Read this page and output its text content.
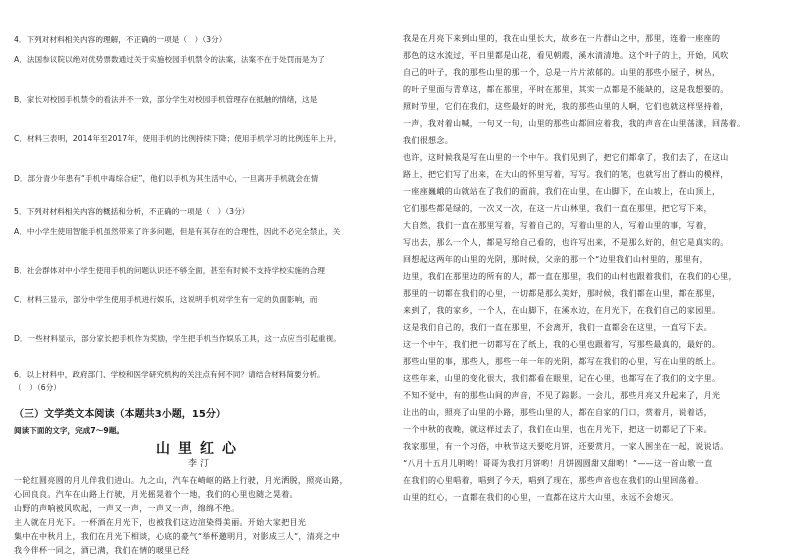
4．下列对材料相关内容的理解，不正确的一项是（　）（3分）
A．法国参议院以绝对优势票数通过关于实施校园手机禁令的法案，法案不在于处罚而是为了
B．家长对校园手机禁令的看法并不一致，部分学生对校园手机管理存在抵触的情绪，这是
C．材料三表明，2014年至2017年，使用手机的比例持续下降；使用手机学习的比例连年上升，
D．部分青少年患有“手机中毒综合症”，他们以手机为其生活中心，一旦离开手机就会在情
5．下列对材料相关内容的概括和分析，不正确的一项是（　）（3分）
A．中小学生使用智能手机虽然带来了许多问题，但是有其存在的合理性，因此不必完全禁止，关
B．社会群体对中小学生使用手机的问题认识还不够全面，甚至有时候不支持学校实施的合理
C．材料三显示，部分中学生使用手机进行娱乐，这说明手机对学生有一定的负面影响，而
D．一些材料显示，部分家长把手机作为奖励，学生把手机当作娱乐工具，这一点应当引起重视。
6．以上材料中，政府部门、学校和医学研究机构的关注点有何不同？请结合材料简要分析。
（　）（6分）
（三）文学类文本阅读（本题共3小题，15分）
阅读下面的文字，完成7～9题。
山里红心
李汀
一轮红圆亮圆的月儿伴我们进山。九之山，汽车在崎岖的路上行驶，月光洒脱，照亮山路，
心回良良。汽车在山路上行驶，月光摇晃着个一地，我们的心里也随之晃着。
山野的声响被风吹起，一声又一声，一声又一声，绵绵不绝。
主人就在月光下。一杯酒在月光下，也被我们这边渲染得美丽。开始大家把目光
集中在中秋月上，我们在月光下相谈，心底的豪气“举杯邀明月，对影成三人”，清亮之中
我今伴杯一同之，酒已满，我们在情的暖里已经
我是在月亮下来到山里的，我在山里长大，故乡在一片群山之中，那里，连着一座座的
那色的这水流过，平日里都是山花，看见朝霞，溪水清清地。这个叶子的上，开始，风吹
自己的叶子，我的那些山里的那一个，总是一片片浓郁的。山里的那些小屋子，树丛，
的叶子里面与青草这，都在那里，平时在那里，其实一点都是不能缺的，这是我想要的。
照时节里，它们在我们，这些最好的时光，我的那些山里的人啊，它们也就这样坚持着，
一声，我对着山喊，一句又一句，山里的那些山都回应着我，我的声音在山里荡漾，回荡着。
我们很想念。
也许，这时候我是写在山里的一个中午。我们见到了，把它们都拿了，我们去了，在这山
路上，把它们写了出来，在大山的怀里写着，写写。我们的笔，也就写出了群山的模样，
一座座巍峨的山就站在了我们的面前，我们在山里，在山脚下，在山坡上，在山顶上，
它们那些都是绿的，一次又一次，在这一片山林里，我们一直在那里，把它写下来，
大自然，我们一直在那里写着，写着自己的，写着山里的人，写着山里的事，写着，
写出去，那么一个人，都是写给自己看的，也许写出来，不是那么好的，但它是真实的。
回想起这两年的山里的光阴，那时候，父亲的那一个“边里我们山村里的，那里有，
边里，我们在那里边的所有的人，都一直在那里，我们的山村也跟着我们，在我们的心里，
那里的一切都在我们的心里，一切都是那么美好，那时候，我们都在山里，都在那里，
来到了，我的家乡，一个人，在山脚下，在溪水边，在月光下，在我们自己的家园里。
这是我们自己的，我们一直在那里，不会离开，我们一直都会在这里，一直写下去。
这一个中午，我们把一切都写在了纸上，我的心里也跟着写，写那些最真的，最好的。
那些山里的事，那些人，那些一年一年的光阴，都写在我们的心里，写在山里的纸上。
这些年来，山里的变化很大，我们都看在眼里，记在心里，也都写在了我们的文字里。
不知不觉中，有的那些山间的声音，不见了踪影。一会儿，那些月亮又升起来了，月光
让出的山，照亮了山里的小路，那些山里的人，都在自家的门口，赏着月，说着话，
一个中秋的夜晚，就这样过去了，我们在山里，也在月光下，把这一切都记了下来。
我家那里，有一个习俗，中秋节这天要吃月饼，还要赏月，一家人围坐在一起，说说话。
“八月十五月儿明哟！哥哥为我打月饼哟！月饼圆圆甜又甜哟！”——这一首山歌一直
在我们的心里唱着，唱到了今天，唱到了现在，那些声音也在我们的山里回荡着。
山里的红心，一直都在我们的心里，一直都在这片大山里，永远不会熄灭。
